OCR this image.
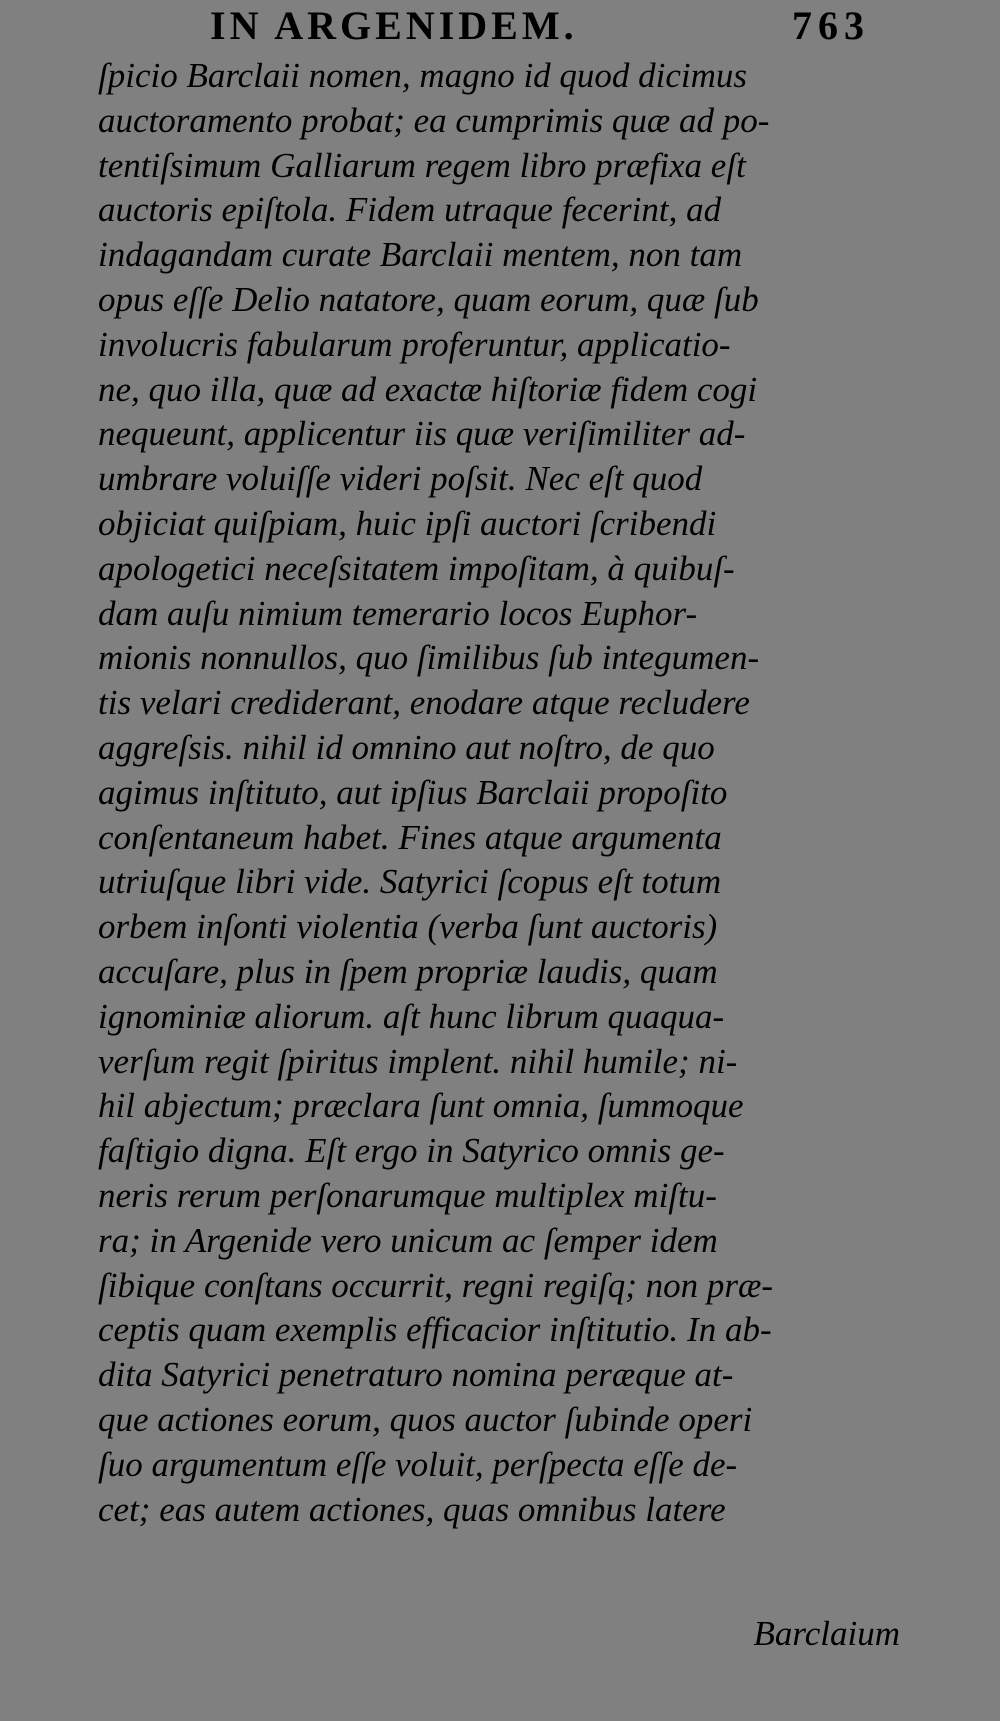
IN ARGENIDEM.	763
ſpicio Barclaii nomen, magno id quod dicimus
auctoramento probat; ea cumprimis quæ ad po-
tentiſsimum Galliarum regem libro præfixa eſt
auctoris epiſtola. Fidem utraque fecerint, ad
indagandam curate Barclaii mentem, non tam
opus eſſe Delio natatore, quam eorum, quæ ſub
involucris fabularum proferuntur, applicatio-
ne, quo illa, quæ ad exactæ hiſtoriæ fidem cogi
nequeunt, applicentur iis quæ veriſimiliter ad-
umbrare voluiſſe videri poſsit. Nec eſt quod
objiciat quiſpiam, huic ipſi auctori ſcribendi
apologetici neceſsitatem impoſitam, à quibuſ-
dam auſu nimium temerario locos Euphor-
mionis nonnullos, quo ſimilibus ſub integumen-
tis velari crediderant, enodare atque recludere
aggreſsis. nihil id omnino aut noſtro, de quo
agimus inſtituto, aut ipſius Barclaii propoſito
conſentaneum habet. Fines atque argumenta
utriuſque libri vide. Satyrici ſcopus eſt totum
orbem inſonti violentia (verba ſunt auctoris)
accuſare, plus in ſpem propriæ laudis, quam
ignominiæ aliorum. aſt hunc librum quaqua-
verſum regit ſpiritus implent. nihil humile; ni-
hil abjectum; præclara ſunt omnia, ſummoque
faſtigio digna. Eſt ergo in Satyrico omnis ge-
neris rerum perſonarumque multiplex miſtu-
ra; in Argenide vero unicum ac ſemper idem
ſibique conſtans occurrit, regni regiſq; non præ-
ceptis quam exemplis efficacior inſtitutio. In ab-
dita Satyrici penetraturo nomina peræque at-
que actiones eorum, quos auctor ſubinde operi
ſuo argumentum eſſe voluit, perſpecta eſſe de-
cet; eas autem actiones, quas omnibus latere
Barclaium
